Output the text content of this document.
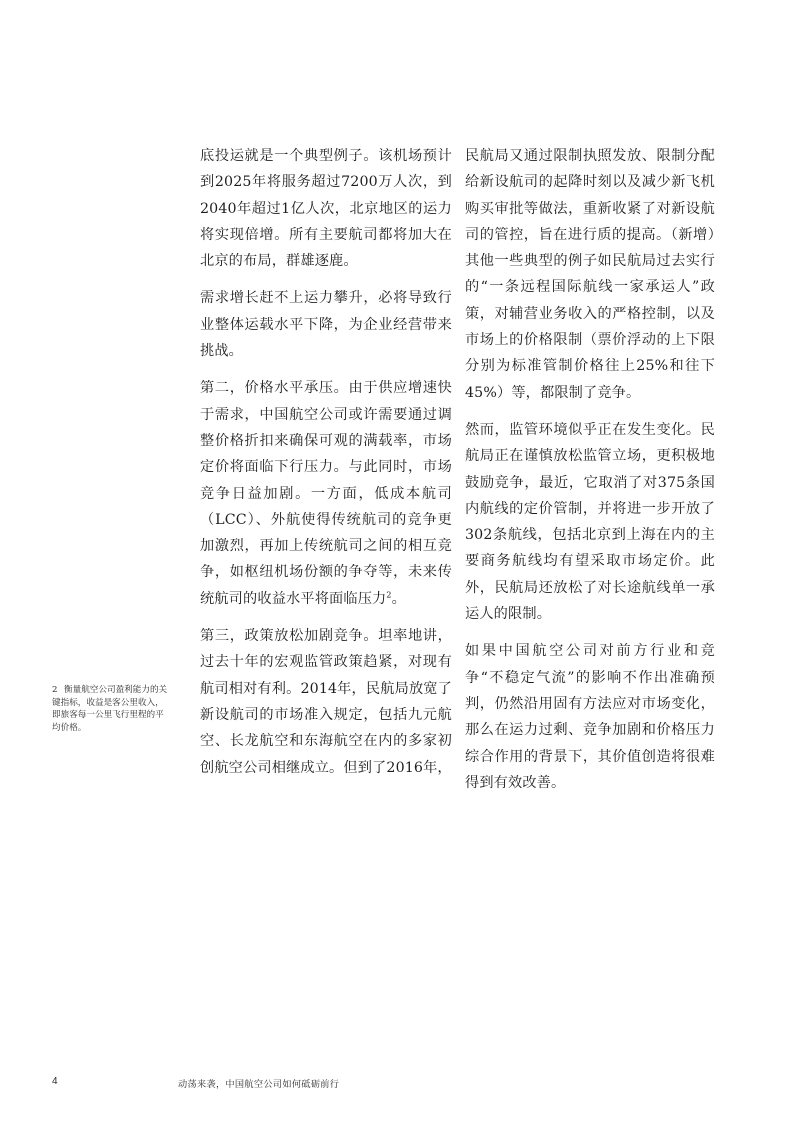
底投运就是一个典型例子。该机场预计到2025年将服务超过7200万人次，到2040年超过1亿人次，北京地区的运力将实现倍增。所有主要航司都将加大在北京的布局，群雄逐鹿。

需求增长赶不上运力攀升，必将导致行业整体运载水平下降，为企业经营带来挑战。

第二，价格水平承压。由于供应增速快于需求，中国航空公司或许需要通过调整价格折扣来确保可观的满载率，市场定价将面临下行压力。与此同时，市场竞争日益加剧。一方面，低成本航司（LCC）、外航使得传统航司的竞争更加激烈，再加上传统航司之间的相互竞争，如枢纽机场份额的争夺等，未来传统航司的收益水平将面临压力$^2$。

第三，政策放松加剧竞争。坦率地讲，过去十年的宏观监管政策趋紧，对现有航司相对有利。2014年，民航局放宽了新设航司的市场准入规定，包括九元航空、长龙航空和东海航空在内的多家初创航空公司相继成立。但到了2016年，

民航局又通过限制执照发放、限制分配给新设航司的起降时刻以及减少新飞机购买审批等做法，重新收紧了对新设航司的管控，旨在进行质的提高。（新增）其他一些典型的例子如民航局过去实行的“一条远程国际航线一家承运人”政策，对辅营业务收入的严格控制，以及市场上的价格限制（票价浮动的上下限分别为标准管制价格往上25%和往下45%）等，都限制了竞争。

然而，监管环境似乎正在发生变化。民航局正在谨慎放松监管立场，更积极地鼓励竞争，最近，它取消了对375条国内航线的定价管制，并将进一步开放了302条航线，包括北京到上海在内的主要商务航线均有望采取市场定价。此外，民航局还放松了对长途航线单一承运人的限制。

如果中国航空公司对前方行业和竞争“不稳定气流”的影响不作出准确预判，仍然沿用固有方法应对市场变化，那么在运力过剩、竞争加剧和价格压力综合作用的背景下，其价值创造将很难得到有效改善。

2 衡量航空公司盈利能力的关键指标，收益是客公里收入，即旅客每一公里飞行里程的平均价格。
4	动荡来袭，中国航空公司如何砥砺前行
